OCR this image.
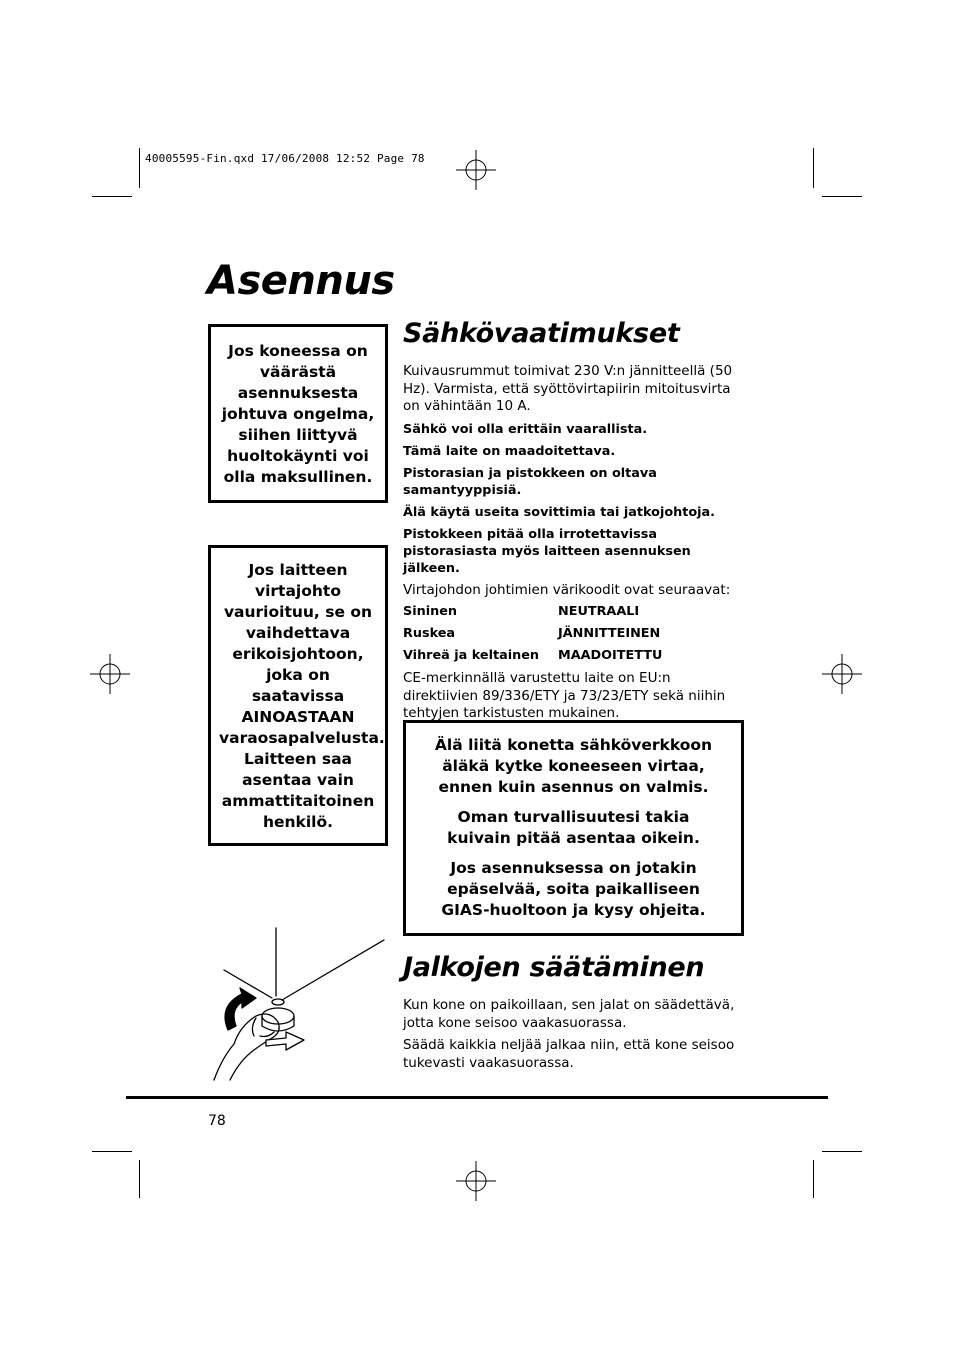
40005595-Fin.qxd 17/06/2008 12:52 Page 78
Asennus
Jos koneessa on väärästä asennuksesta johtuva ongelma, siihen liittyvä huoltokäynti voi olla maksullinen.
Jos laitteen virtajohto vaurioituu, se on vaihdettava erikoisjohtoon, joka on saatavissa AINOASTAAN varaosapalvelusta. Laitteen saa asentaa vain ammattitaitoinen henkilö.
Sähkövaatimukset

Kuivausrummut toimivat 230 V:n jännitteellä (50 Hz). Varmista, että syöttövirtapiirin mitoitusvirta on vähintään 10 A.

Sähkö voi olla erittäin vaarallista.

Tämä laite on maadoitettava.

Pistorasian ja pistokkeen on oltava samantyyppisiä.

Älä käytä useita sovittimia tai jatkojohtoja.

Pistokkeen pitää olla irrotettavissa pistorasiasta myös laitteen asennuksen jälkeen.

Virtajohdon johtimien värikoodit ovat seuraavat:

Sininen	NEUTRAALI
Ruskea	JÄNNITTEINEN
Vihreä ja keltainen	MAADOITETTU

CE-merkinnällä varustettu laite on EU:n direktiivien 89/336/ETY ja 73/23/ETY sekä niihin tehtyjen tarkistusten mukainen.

Älä liitä konetta sähköverkkoon äläkä kytke koneeseen virtaa, ennen kuin asennus on valmis.

Oman turvallisuutesi takia kuivain pitää asentaa oikein.

Jos asennuksessa on jotakin epäselvää, soita paikalliseen GIAS-huoltoon ja kysy ohjeita.

Jalkojen säätäminen

Kun kone on paikoillaan, sen jalat on säädettävä, jotta kone seisoo vaakasuorassa.

Säädä kaikkia neljää jalkaa niin, että kone seisoo tukevasti vaakasuorassa.

78
